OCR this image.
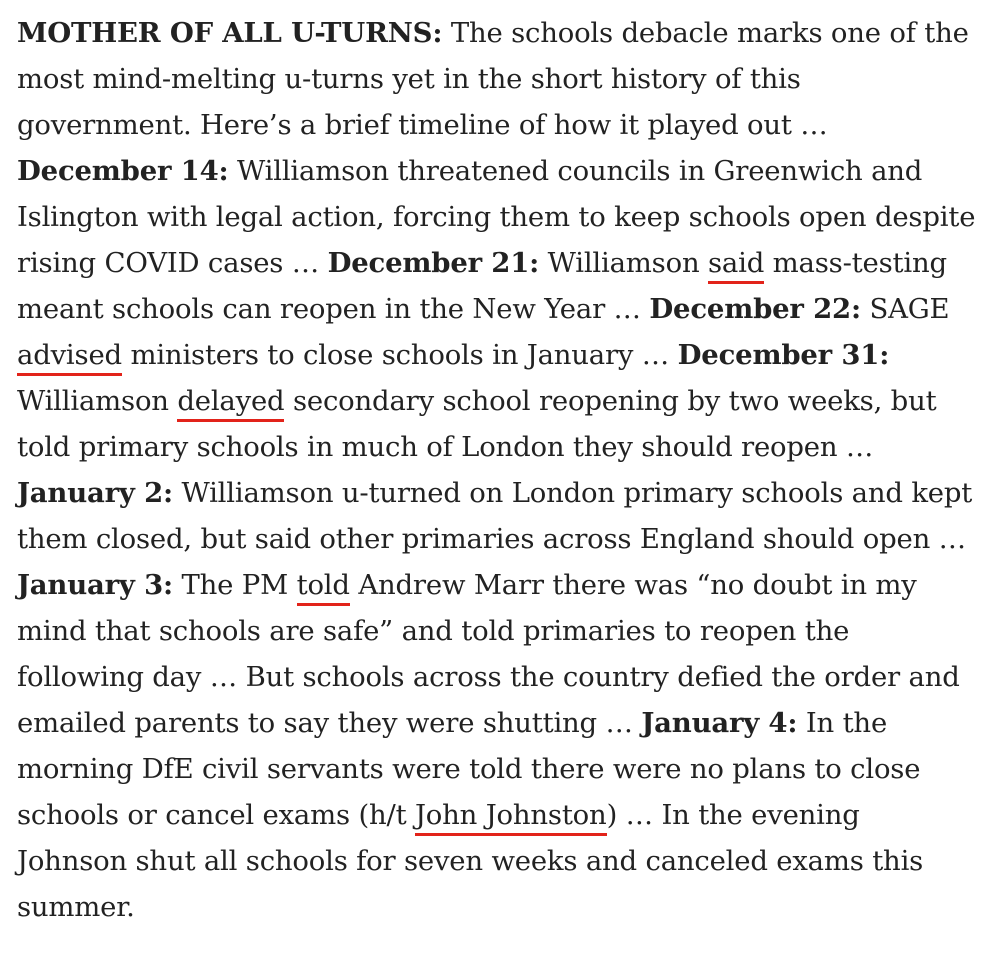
MOTHER OF ALL U-TURNS: The schools debacle marks one of the most mind-melting u-turns yet in the short history of this government. Here’s a brief timeline of how it played out … December 14: Williamson threatened councils in Greenwich and Islington with legal action, forcing them to keep schools open despite rising COVID cases … December 21: Williamson said mass-testing meant schools can reopen in the New Year … December 22: SAGE advised ministers to close schools in January … December 31: Williamson delayed secondary school reopening by two weeks, but told primary schools in much of London they should reopen … January 2: Williamson u-turned on London primary schools and kept them closed, but said other primaries across England should open … January 3: The PM told Andrew Marr there was “no doubt in my mind that schools are safe” and told primaries to reopen the following day … But schools across the country defied the order and emailed parents to say they were shutting … January 4: In the morning DfE civil servants were told there were no plans to close schools or cancel exams (h/t John Johnston) … In the evening Johnson shut all schools for seven weeks and canceled exams this summer.
